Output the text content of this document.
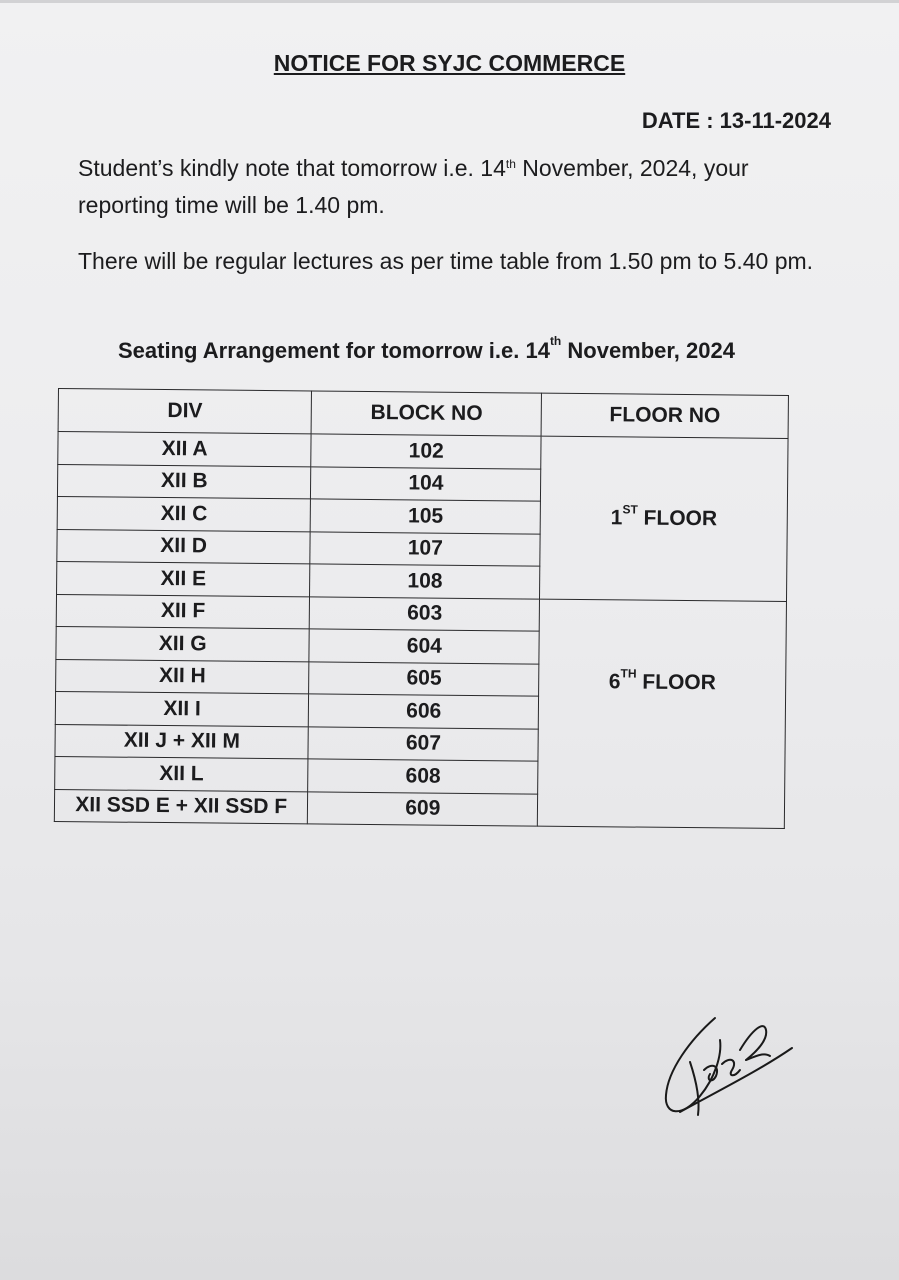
NOTICE FOR SYJC COMMERCE
DATE : 13-11-2024
Student’s kindly note that tomorrow i.e. 14th November, 2024, your reporting time will be 1.40 pm.
There will be regular lectures as per time table from 1.50 pm to 5.40 pm.
Seating Arrangement for tomorrow i.e. 14th November, 2024
DIV	BLOCK NO	FLOOR NO
XII A	102	1ST FLOOR
XII B	104	
XII C	105	
XII D	107	
XII E	108	
XII F	603	6TH FLOOR
XII G	604	
XII H	605	
XII I	606	
XII J + XII M	607	
XII L	608	
XII SSD E + XII SSD F	609	
